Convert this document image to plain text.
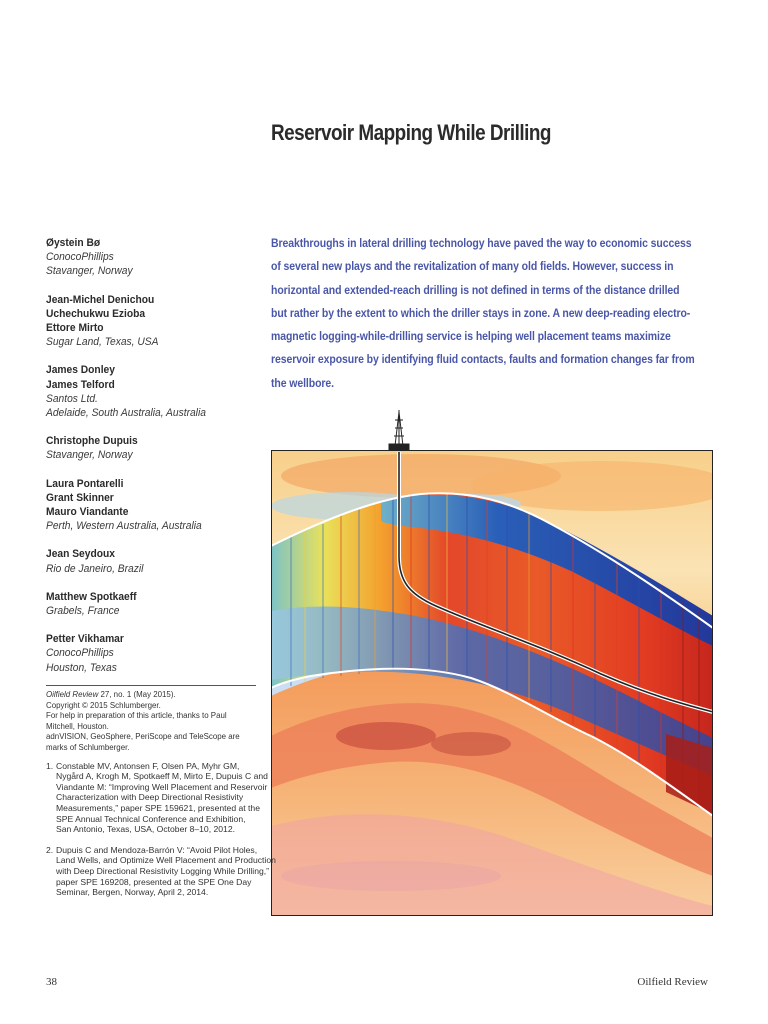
Reservoir Mapping While Drilling
Øystein Bø
ConocoPhillips
Stavanger, Norway
Jean-Michel Denichou
Uchechukwu Ezioba
Ettore Mirto
Sugar Land, Texas, USA
James Donley
James Telford
Santos Ltd.
Adelaide, South Australia, Australia
Christophe Dupuis
Stavanger, Norway
Laura Pontarelli
Grant Skinner
Mauro Viandante
Perth, Western Australia, Australia
Jean Seydoux
Rio de Janeiro, Brazil
Matthew Spotkaeff
Grabels, France
Petter Vikhamar
ConocoPhillips
Houston, Texas
Breakthroughs in lateral drilling technology have paved the way to economic success
of several new plays and the revitalization of many old fields. However, success in
horizontal and extended-reach drilling is not defined in terms of the distance drilled
but rather by the extent to which the driller stays in zone. A new deep-reading electro-
magnetic logging-while-drilling service is helping well placement teams maximize
reservoir exposure by identifying fluid contacts, faults and formation changes far from
the wellbore.

Oilfield Review 27, no. 1 (May 2015).

Copyright © 2015 Schlumberger.

For help in preparation of this article, thanks to Paul

Mitchell, Houston.

adnVISION, GeoSphere, PeriScope and TeleScope are

marks of Schlumberger.

1. Constable MV, Antonsen F, Olsen PA, Myhr GM,
Nygård A, Krogh M, Spotkaeff M, Mirto E, Dupuis C and
Viandante M: “Improving Well Placement and Reservoir
Characterization with Deep Directional Resistivity
Measurements,” paper SPE 159621, presented at the
SPE Annual Technical Conference and Exhibition,
San Antonio, Texas, USA, October 8–10, 2012.
2. Dupuis C and Mendoza-Barrón V: “Avoid Pilot Holes,
Land Wells, and Optimize Well Placement and Production
with Deep Directional Resistivity Logging While Drilling,”
paper SPE 169208, presented at the SPE One Day
Seminar, Bergen, Norway, April 2, 2014.
38	Oilfield Review
